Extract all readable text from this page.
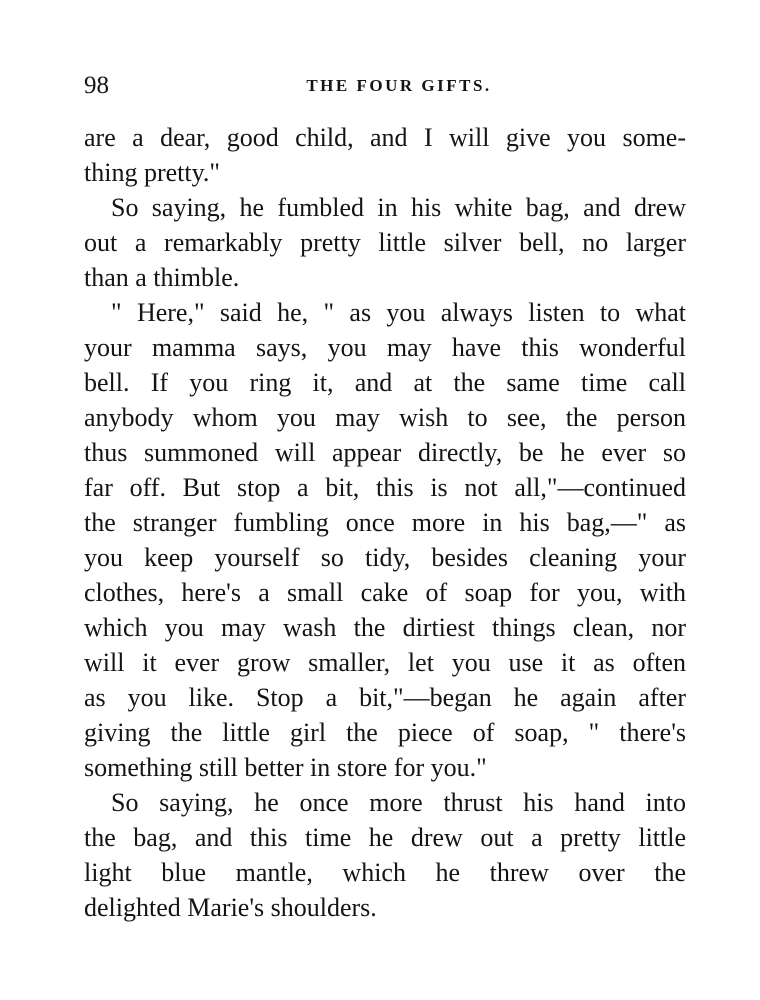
98	THE FOUR GIFTS.
are a dear, good child, and I will give you some-
thing pretty."
So saying, he fumbled in his white bag, and drew
out a remarkably pretty little silver bell, no larger
than a thimble.
" Here," said he, " as you always listen to what
your mamma says, you may have this wonderful
bell. If you ring it, and at the same time call
anybody whom you may wish to see, the person
thus summoned will appear directly, be he ever so
far off. But stop a bit, this is not all,"—continued
the stranger fumbling once more in his bag,—" as
you keep yourself so tidy, besides cleaning your
clothes, here's a small cake of soap for you, with
which you may wash the dirtiest things clean, nor
will it ever grow smaller, let you use it as often
as you like. Stop a bit,"—began he again after
giving the little girl the piece of soap, " there's
something still better in store for you."
So saying, he once more thrust his hand into
the bag, and this time he drew out a pretty little
light blue mantle, which he threw over the
delighted Marie's shoulders.
